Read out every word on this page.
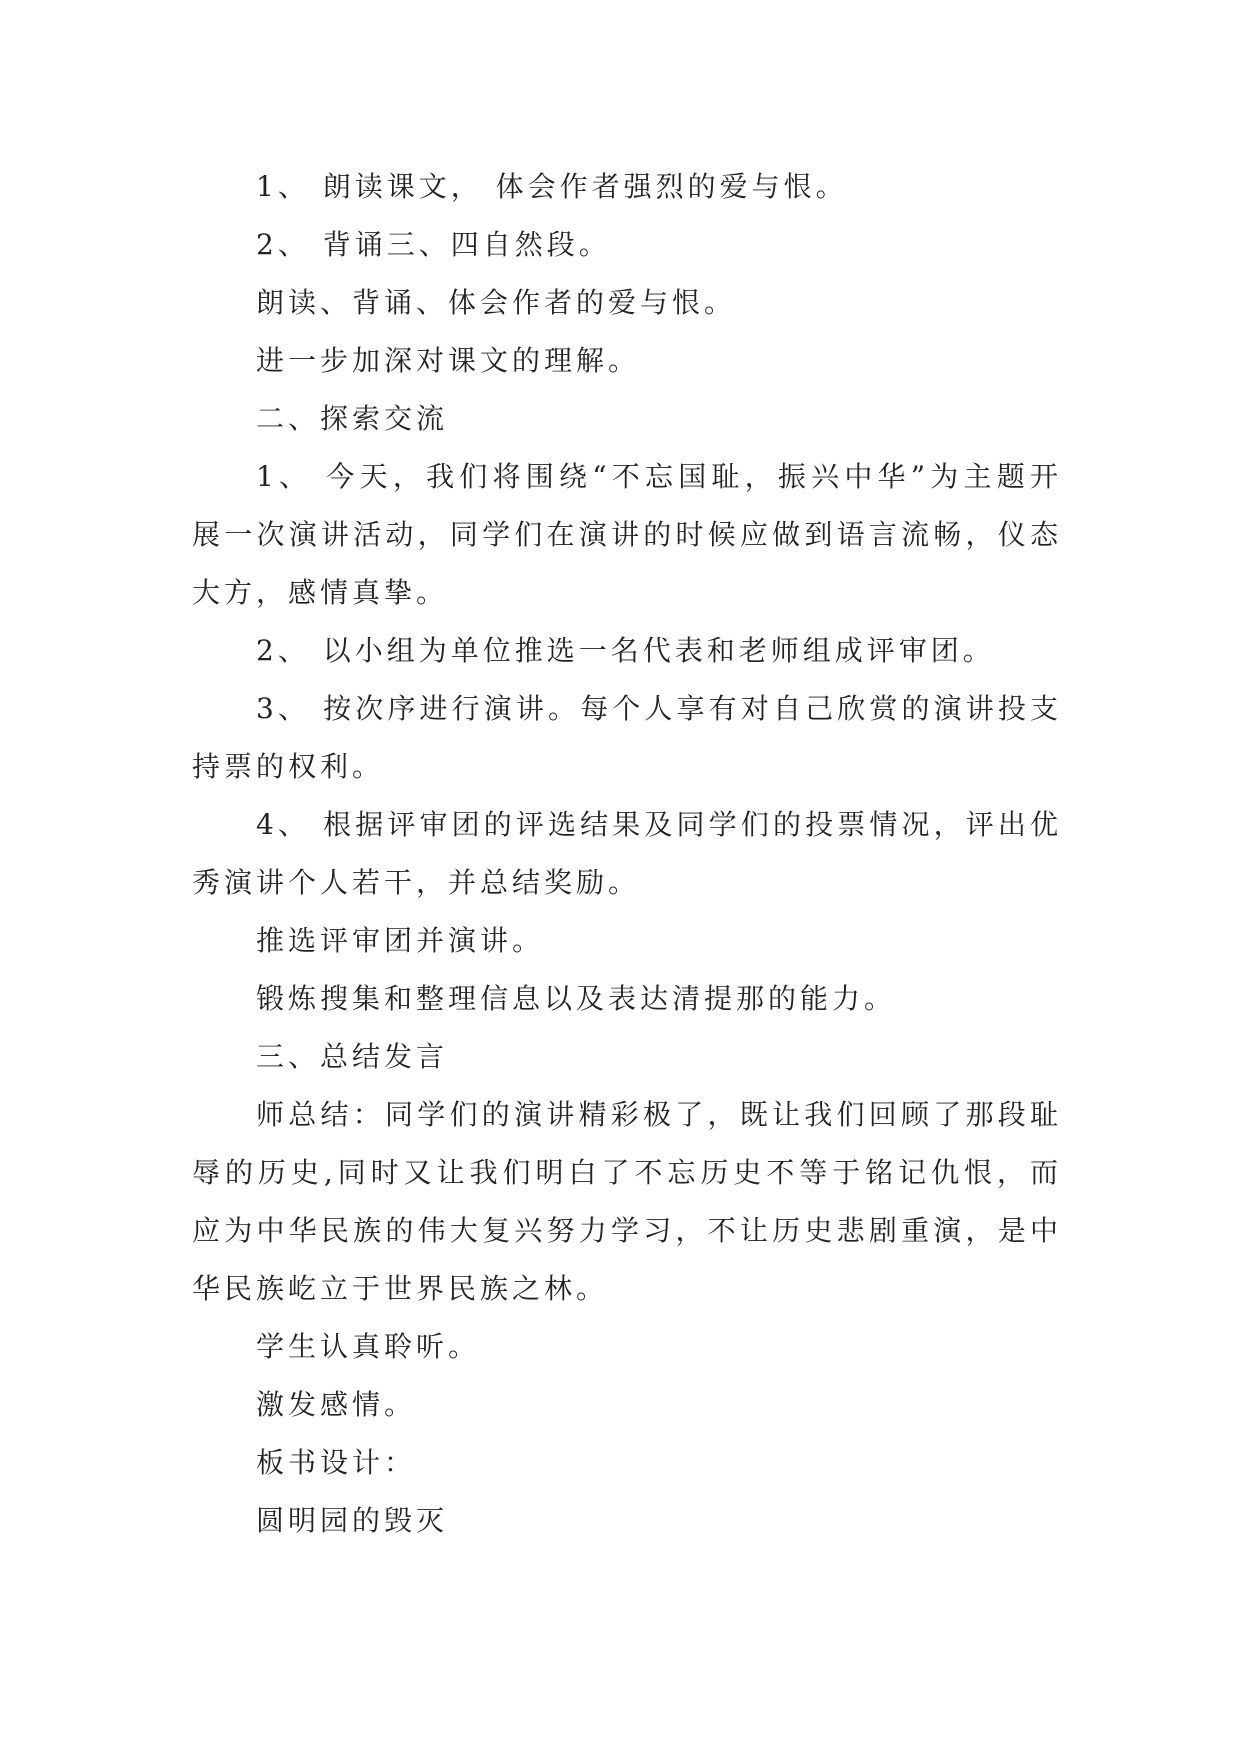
1、 朗读课文， 体会作者强烈的爱与恨。

2、 背诵三、四自然段。

朗读、背诵、体会作者的爱与恨。

进一步加深对课文的理解。

二、探索交流

1、 今天，我们将围绕“不忘国耻，振兴中华”为主题开展一次演讲活动，同学们在演讲的时候应做到语言流畅，仪态大方，感情真挚。

2、 以小组为单位推选一名代表和老师组成评审团。

3、 按次序进行演讲。每个人享有对自己欣赏的演讲投支持票的权利。

4、 根据评审团的评选结果及同学们的投票情况，评出优秀演讲个人若干，并总结奖励。

推选评审团并演讲。

锻炼搜集和整理信息以及表达清提那的能力。

三、总结发言

师总结：同学们的演讲精彩极了，既让我们回顾了那段耻辱的历史,同时又让我们明白了不忘历史不等于铭记仇恨，而应为中华民族的伟大复兴努力学习，不让历史悲剧重演，是中华民族屹立于世界民族之林。

学生认真聆听。

激发感情。

板书设计：

圆明园的毁灭
